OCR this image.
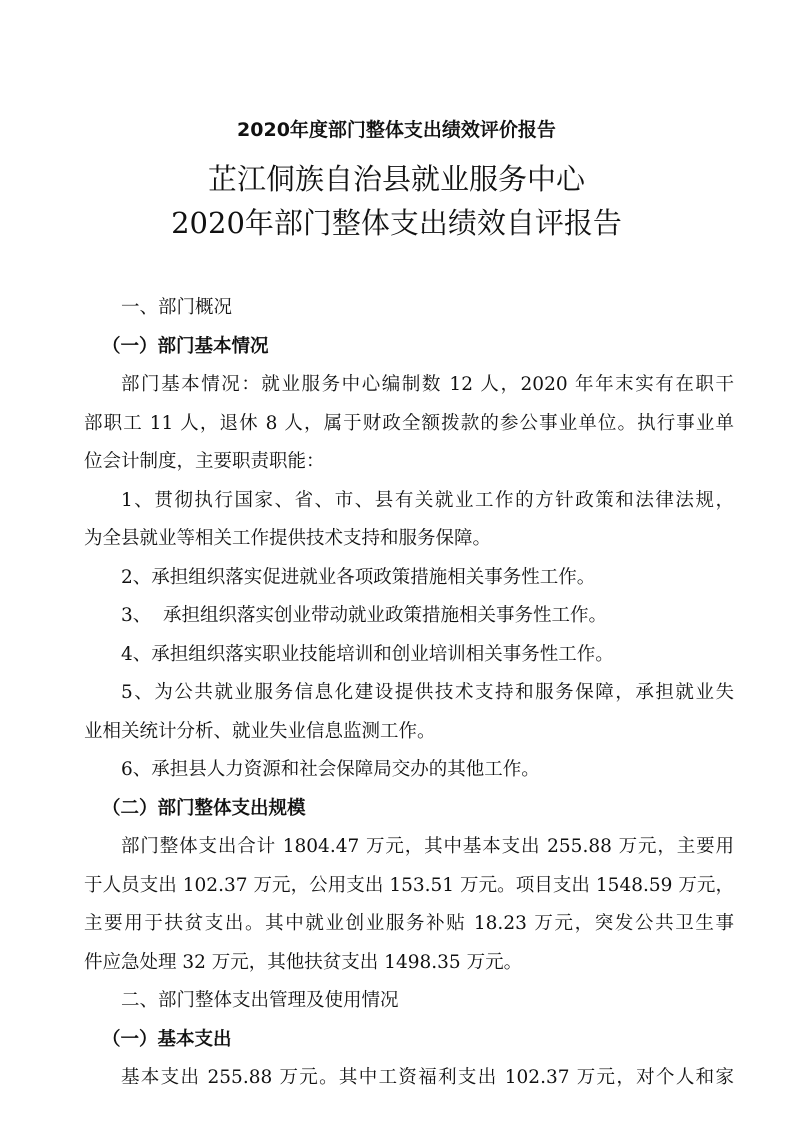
2020年度部门整体支出绩效评价报告
芷江侗族自治县就业服务中心
2020年部门整体支出绩效自评报告

一、部门概况

（一）部门基本情况

部门基本情况：就业服务中心编制数 12 人，2020 年年末实有在职干

部职工 11 人，退休 8 人，属于财政全额拨款的参公事业单位。执行事业单

位会计制度，主要职责职能：

1、贯彻执行国家、省、市、县有关就业工作的方针政策和法律法规，

为全县就业等相关工作提供技术支持和服务保障。

2、承担组织落实促进就业各项政策措施相关事务性工作。

3、  承担组织落实创业带动就业政策措施相关事务性工作。

4、承担组织落实职业技能培训和创业培训相关事务性工作。

5、为公共就业服务信息化建设提供技术支持和服务保障，承担就业失

业相关统计分析、就业失业信息监测工作。

6、承担县人力资源和社会保障局交办的其他工作。

（二）部门整体支出规模

部门整体支出合计 1804.47 万元，其中基本支出 255.88 万元，主要用

于人员支出 102.37 万元，公用支出 153.51 万元。项目支出 1548.59 万元，

主要用于扶贫支出。其中就业创业服务补贴 18.23 万元，突发公共卫生事

件应急处理 32 万元，其他扶贫支出 1498.35 万元。

二、部门整体支出管理及使用情况

（一）基本支出

基本支出 255.88 万元。其中工资福利支出 102.37 万元，对个人和家
